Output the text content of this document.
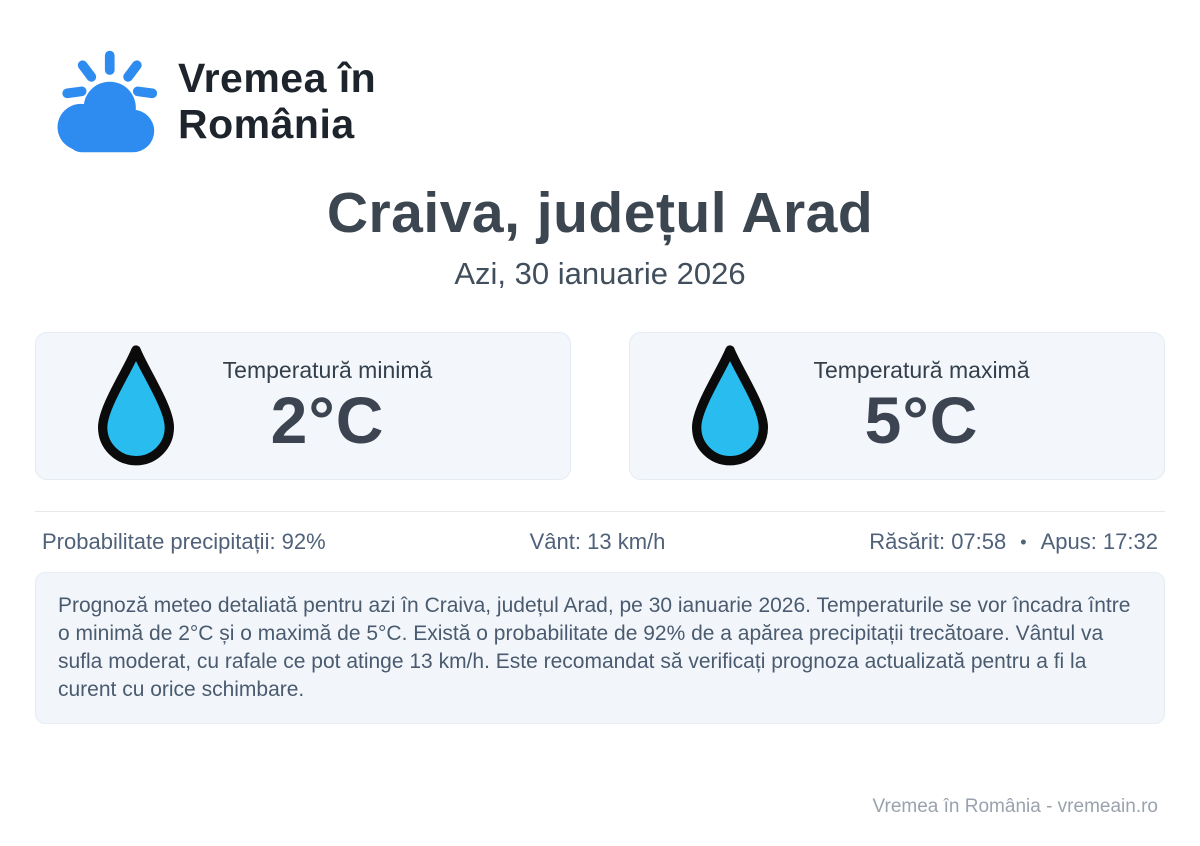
Vremea în
România
Craiva, județul Arad
Azi, 30 ianuarie 2026
Temperatură minimă
2°C
Temperatură maximă
5°C
Probabilitate precipitații: 92%	Vânt: 13 km/h	Răsărit: 07:58 • Apus: 17:32
Prognoză meteo detaliată pentru azi în Craiva, județul Arad, pe 30 ianuarie 2026. Temperaturile se vor încadra între o minimă de 2°C și o maximă de 5°C. Există o probabilitate de 92% de a apărea precipitații trecătoare. Vântul va sufla moderat, cu rafale ce pot atinge 13 km/h. Este recomandat să verificați prognoza actualizată pentru a fi la curent cu orice schimbare.
Vremea în România - vremeain.ro
